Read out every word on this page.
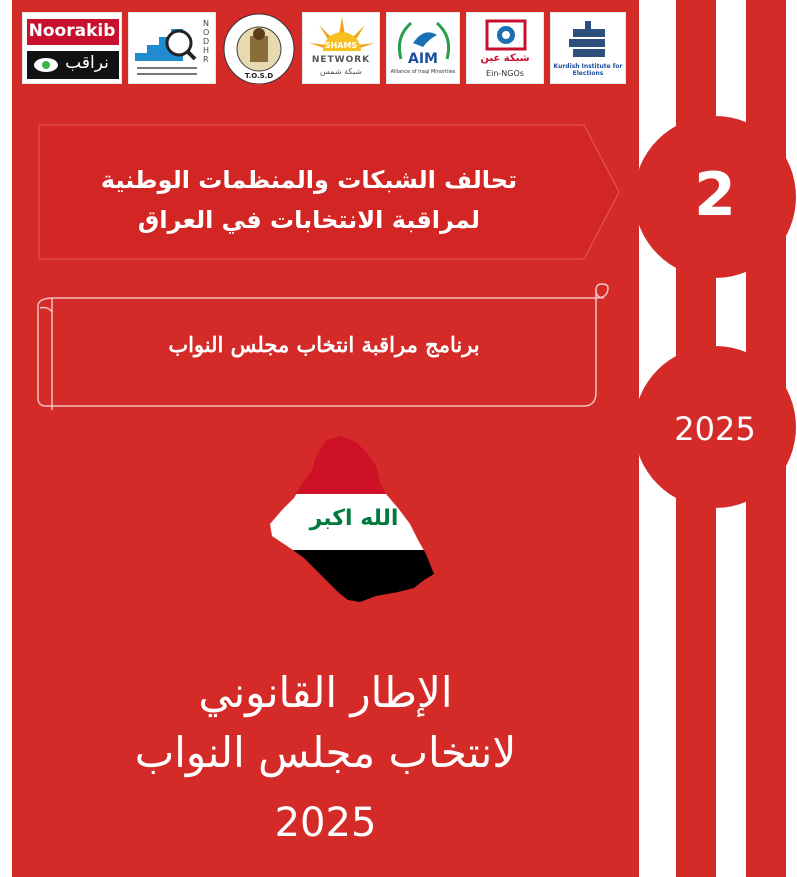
Noorakib
نراقب
NODHR
T.O.S.D
SHAMS
NETWORK
شبكة شمس
AIM
Alliance of Iraqi Minorities
شبكة عين
Ein-NGOs
Kurdish Institute for Elections
تحالف الشبكات والمنظمات الوطنية
لمراقبة الانتخابات في العراق
برنامج مراقبة انتخاب مجلس النواب
الله اكبر
الإطار القانوني
لانتخاب مجلس النواب
2025
2
2025
